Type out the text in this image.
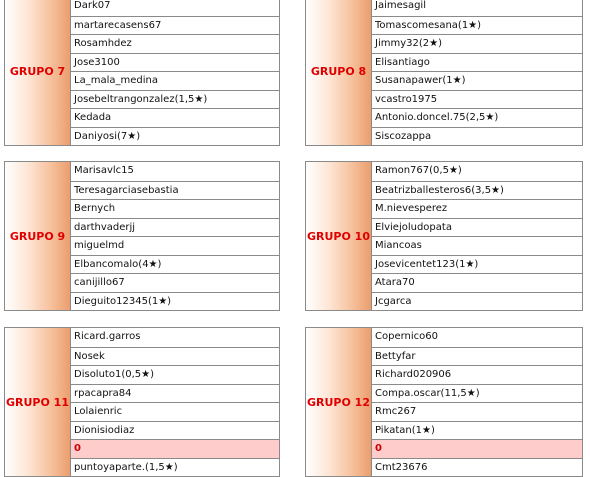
GRUPO 7
Dark07
martarecasens67
Rosamhdez
Jose3100
La_mala_medina
Josebeltrangonzalez(1,5★)
Kedada
Daniyosi(7★)
GRUPO 8
Jaimesagil
Tomascomesana(1★)
Jimmy32(2★)
Elisantiago
Susanapawer(1★)
vcastro1975
Antonio.doncel.75(2,5★)
Siscozappa
GRUPO 9
Marisavlc15
Teresagarciasebastia
Bernych
darthvaderjj
miguelmd
Elbancomalo(4★)
canijillo67
Dieguito12345(1★)
GRUPO 10
Ramon767(0,5★)
Beatrizballesteros6(3,5★)
M.nievesperez
Elviejoludopata
Miancoas
Josevicentet123(1★)
Atara70
Jcgarca
GRUPO 11
Ricard.garros
Nosek
Disoluto1(0,5★)
rpacapra84
Lolaienric
Dionisiodiaz
0
puntoyaparte.(1,5★)
GRUPO 12
Copernico60
Bettyfar
Richard020906
Compa.oscar(11,5★)
Rmc267
Pikatan(1★)
0
Cmt23676
